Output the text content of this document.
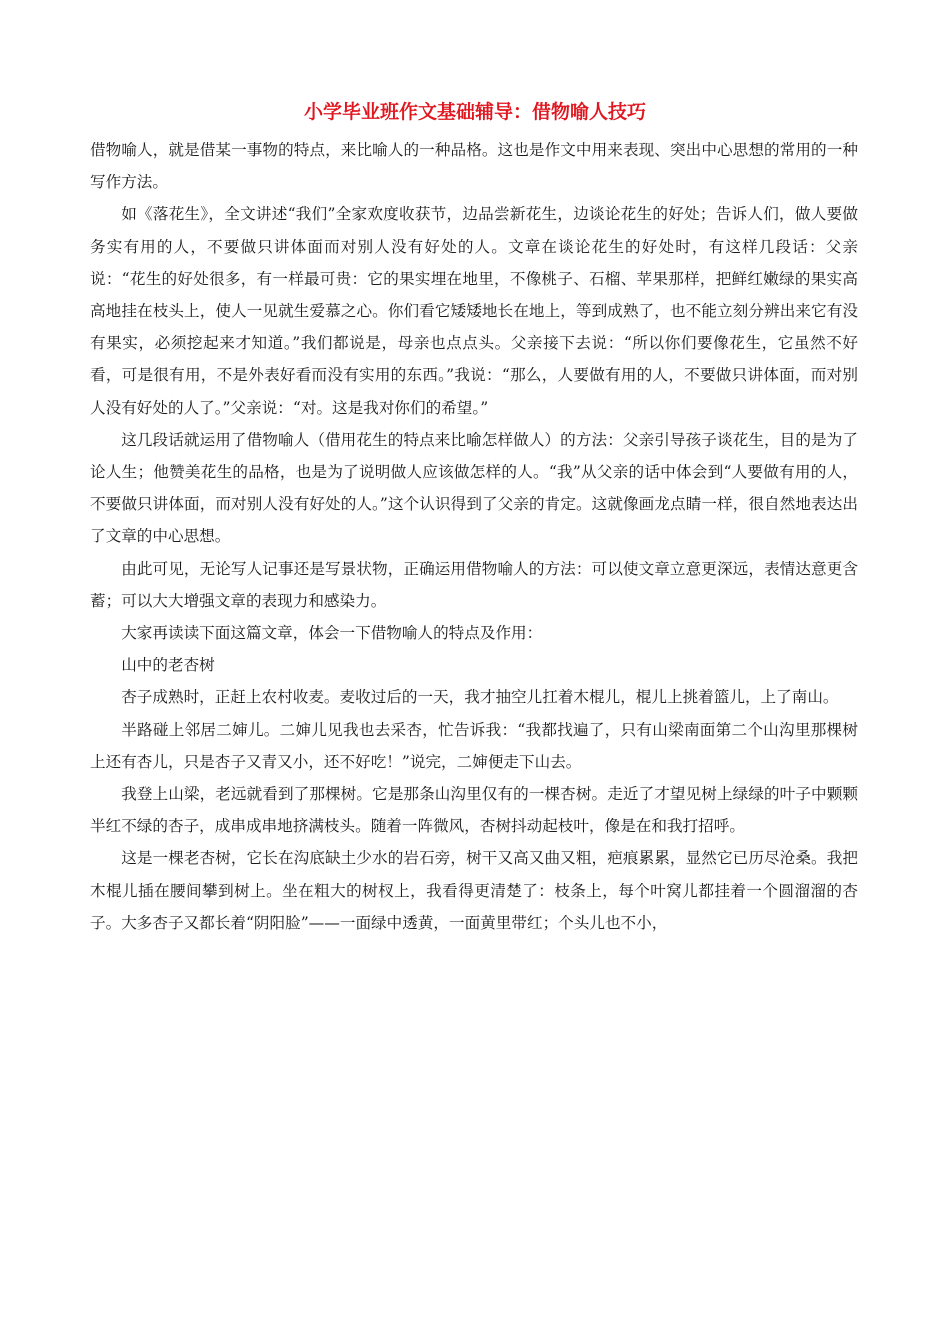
小学毕业班作文基础辅导：借物喻人技巧

借物喻人，就是借某一事物的特点，来比喻人的一种品格。这也是作文中用来表现、突出中心思想的常用的一种写作方法。

如《落花生》，全文讲述“我们”全家欢度收获节，边品尝新花生，边谈论花生的好处；告诉人们，做人要做务实有用的人，不要做只讲体面而对别人没有好处的人。文章在谈论花生的好处时，有这样几段话：父亲说：“花生的好处很多，有一样最可贵：它的果实埋在地里，不像桃子、石榴、苹果那样，把鲜红嫩绿的果实高高地挂在枝头上，使人一见就生爱慕之心。你们看它矮矮地长在地上，等到成熟了，也不能立刻分辨出来它有没有果实，必须挖起来才知道。”我们都说是，母亲也点点头。父亲接下去说：“所以你们要像花生，它虽然不好看，可是很有用，不是外表好看而没有实用的东西。”我说：“那么，人要做有用的人，不要做只讲体面，而对别人没有好处的人了。”父亲说：“对。这是我对你们的希望。”

这几段话就运用了借物喻人（借用花生的特点来比喻怎样做人）的方法：父亲引导孩子谈花生，目的是为了论人生；他赞美花生的品格，也是为了说明做人应该做怎样的人。“我”从父亲的话中体会到“人要做有用的人，不要做只讲体面，而对别人没有好处的人。”这个认识得到了父亲的肯定。这就像画龙点睛一样，很自然地表达出了文章的中心思想。

由此可见，无论写人记事还是写景状物，正确运用借物喻人的方法：可以使文章立意更深远，表情达意更含蓄；可以大大增强文章的表现力和感染力。

大家再读读下面这篇文章，体会一下借物喻人的特点及作用：

山中的老杏树

杏子成熟时，正赶上农村收麦。麦收过后的一天，我才抽空儿扛着木棍儿，棍儿上挑着篮儿，上了南山。

半路碰上邻居二婶儿。二婶儿见我也去采杏，忙告诉我：“我都找遍了，只有山梁南面第二个山沟里那棵树上还有杏儿，只是杏子又青又小，还不好吃！”说完，二婶便走下山去。

我登上山梁，老远就看到了那棵树。它是那条山沟里仅有的一棵杏树。走近了才望见树上绿绿的叶子中颗颗半红不绿的杏子，成串成串地挤满枝头。随着一阵微风，杏树抖动起枝叶，像是在和我打招呼。

这是一棵老杏树，它长在沟底缺土少水的岩石旁，树干又高又曲又粗，疤痕累累，显然它已历尽沧桑。我把木棍儿插在腰间攀到树上。坐在粗大的树杈上，我看得更清楚了：枝条上，每个叶窝儿都挂着一个圆溜溜的杏子。大多杏子又都长着“阴阳脸”——一面绿中透黄，一面黄里带红；个头儿也不小，
